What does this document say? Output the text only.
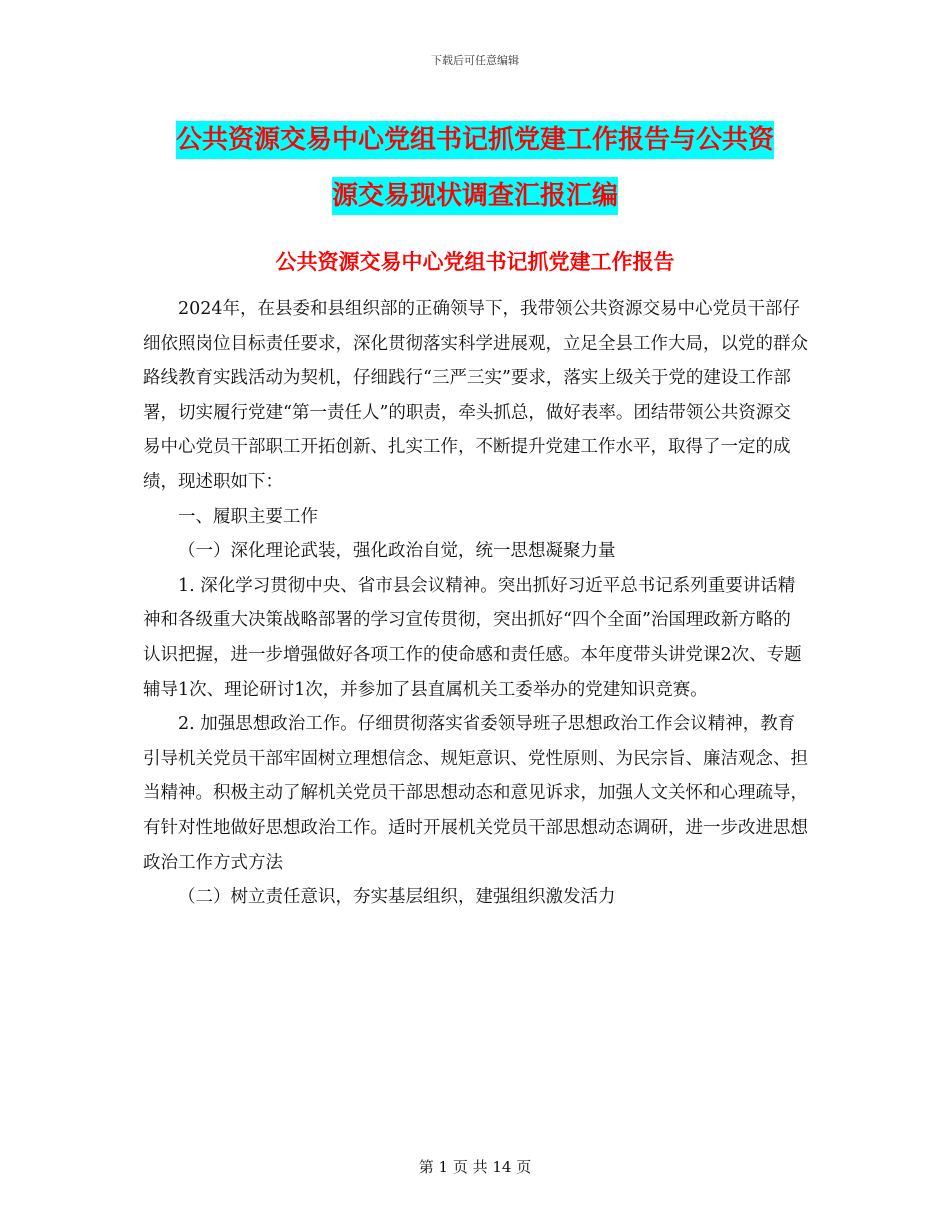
下载后可任意编辑
公共资源交易中心党组书记抓党建工作报告与公共资
源交易现状调查汇报汇编
公共资源交易中心党组书记抓党建工作报告

2024年，在县委和县组织部的正确领导下，我带领公共资源交易中心党员干部仔细依照岗位目标责任要求，深化贯彻落实科学进展观，立足全县工作大局，以党的群众路线教育实践活动为契机，仔细践行“三严三实”要求，落实上级关于党的建设工作部署，切实履行党建“第一责任人”的职责，牵头抓总，做好表率。团结带领公共资源交易中心党员干部职工开拓创新、扎实工作，不断提升党建工作水平，取得了一定的成绩，现述职如下：

一、履职主要工作

（一）深化理论武装，强化政治自觉，统一思想凝聚力量

1. 深化学习贯彻中央、省市县会议精神。突出抓好习近平总书记系列重要讲话精神和各级重大决策战略部署的学习宣传贯彻，突出抓好“四个全面”治国理政新方略的认识把握，进一步增强做好各项工作的使命感和责任感。本年度带头讲党课2次、专题辅导1次、理论研讨1次，并参加了县直属机关工委举办的党建知识竞赛。

2. 加强思想政治工作。仔细贯彻落实省委领导班子思想政治工作会议精神，教育引导机关党员干部牢固树立理想信念、规矩意识、党性原则、为民宗旨、廉洁观念、担当精神。积极主动了解机关党员干部思想动态和意见诉求，加强人文关怀和心理疏导，有针对性地做好思想政治工作。适时开展机关党员干部思想动态调研，进一步改进思想政治工作方式方法

（二）树立责任意识，夯实基层组织，建强组织激发活力

第 1 页 共 14 页
